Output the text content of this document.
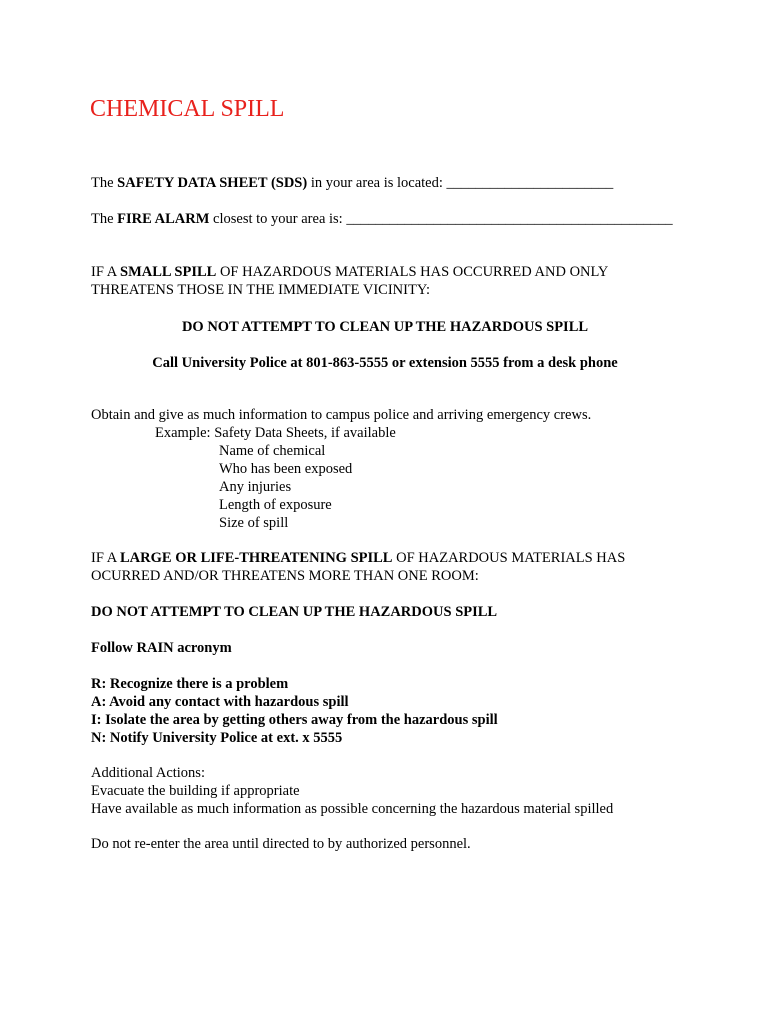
CHEMICAL SPILL
The SAFETY DATA SHEET (SDS) in your area is located: _______________________
The FIRE ALARM closest to your area is: _____________________________________________
IF A SMALL SPILL OF HAZARDOUS MATERIALS HAS OCCURRED AND ONLY
THREATENS THOSE IN THE IMMEDIATE VICINITY:
DO NOT ATTEMPT TO CLEAN UP THE HAZARDOUS SPILL
Call University Police at 801-863-5555 or extension 5555 from a desk phone
Obtain and give as much information to campus police and arriving emergency crews.
Example: Safety Data Sheets, if available
Name of chemical
Who has been exposed
Any injuries
Length of exposure
Size of spill
IF A LARGE OR LIFE-THREATENING SPILL OF HAZARDOUS MATERIALS HAS
OCURRED AND/OR THREATENS MORE THAN ONE ROOM:
DO NOT ATTEMPT TO CLEAN UP THE HAZARDOUS SPILL
Follow RAIN acronym
R: Recognize there is a problem
A: Avoid any contact with hazardous spill
I: Isolate the area by getting others away from the hazardous spill
N: Notify University Police at ext. x 5555
Additional Actions:
Evacuate the building if appropriate
Have available as much information as possible concerning the hazardous material spilled
Do not re-enter the area until directed to by authorized personnel.
